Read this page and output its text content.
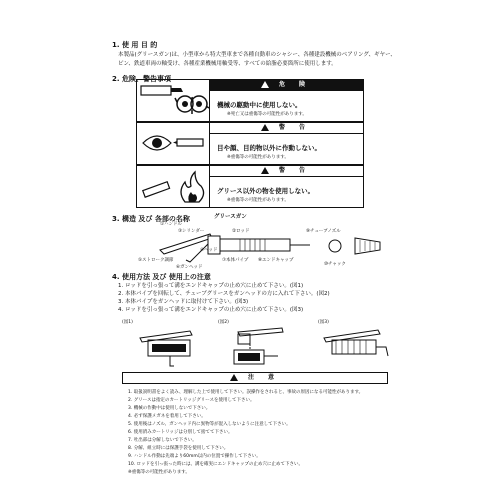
1. 使 用 目 的
本製品(グリースガン)は、小型車から特大型車まで各種自動車のシャシー、各種建設機械のベアリング、ギヤー、
ピン、鉄道車両の軸受け、各種産業機械用軸受等、すべての給脂必要箇所に使用します。
2. 危険、警告事項
危 険
機械の駆動中に使用しない。
※死亡又は重傷等の可能性があります。
警 告
目や顔、目的物以外に作動しない。
※重傷等の可能性があります。
警 告
グリース以外の物を使用しない。
※重傷等の可能性があります。
3. 構造 及び 各部の名称	グリースガン
①ハンドル
②ロッド
③シリンダー
④ヘッド
⑤ストローク調節
⑥ガンヘッド
⑦本体パイプ ⑧エンドキャップ
⑨チューブノズル
⑩チャック
4. 使用方法 及び 使用上の注意
1. ロッドを引っ張って溝をエンドキャップの止め穴に止めて下さい。(図1)
2. 本体パイプを回転して、チューブグリースをガンヘッドの方に入れて下さい。(図2)
3. 本体パイプをガンヘッドに取付けて下さい。(図3)
4. ロッドを引っ張って溝をエンドキャップの止め穴に止めて下さい。(図3)
(図1)	(図2)	(図3)
注 意
1. 取扱説明書をよく読み、理解した上で使用して下さい。誤操作をされると、事故の原因になる可能性があります。
2. グリースは指定のカートリッジグリースを使用して下さい。
3. 機械の作動中は使用しないで下さい。
4. 必ず保護メガネを着用して下さい。
5. 使用後はノズル、ガンヘッド内に異物等が混入しないように注意して下さい。
6. 使用済みカートリッジは分別して捨てて下さい。
7. 吐出部は分解しないで下さい。
8. 分解、組立時には保護手袋を使用して下さい。
9. ハンドル作動は先端より60mm以内の位置で操作して下さい。
10. ロッドを引っ張った時には、溝を確実にエンドキャップの止め穴に止めて下さい。
※重傷等の可能性があります。
